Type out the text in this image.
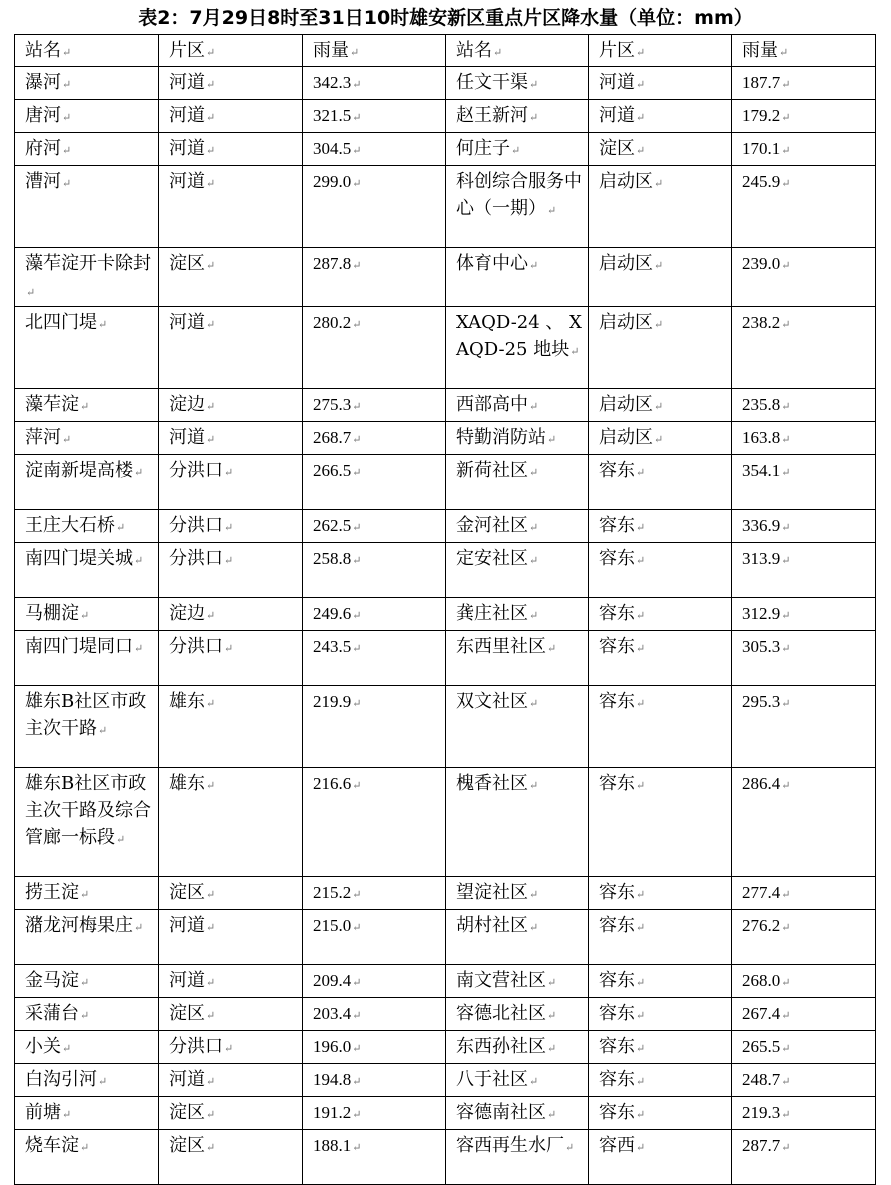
表2：7月29日8时至31日10时雄安新区重点片区降水量（单位：mm）
站名↵	片区↵	雨量↵	站名↵	片区↵	雨量↵
瀑河↵	河道↵	342.3↵	任文干渠↵	河道↵	187.7↵
唐河↵	河道↵	321.5↵	赵王新河↵	河道↵	179.2↵
府河↵	河道↵	304.5↵	何庄子↵	淀区↵	170.1↵
漕河↵	河道↵	299.0↵	科创综合服务中心（一期）↵	启动区↵	245.9↵
藻苲淀开卡除封↵	淀区↵	287.8↵	体育中心↵	启动区↵	239.0↵
北四门堤↵	河道↵	280.2↵	XAQD-24 、 XAQD-25 地块↵	启动区↵	238.2↵
藻苲淀↵	淀边↵	275.3↵	西部高中↵	启动区↵	235.8↵
萍河↵	河道↵	268.7↵	特勤消防站↵	启动区↵	163.8↵
淀南新堤高楼↵	分洪口↵	266.5↵	新荷社区↵	容东↵	354.1↵
王庄大石桥↵	分洪口↵	262.5↵	金河社区↵	容东↵	336.9↵
南四门堤关城↵	分洪口↵	258.8↵	定安社区↵	容东↵	313.9↵
马棚淀↵	淀边↵	249.6↵	龚庄社区↵	容东↵	312.9↵
南四门堤同口↵	分洪口↵	243.5↵	东西里社区↵	容东↵	305.3↵
雄东B社区市政主次干路↵	雄东↵	219.9↵	双文社区↵	容东↵	295.3↵
雄东B社区市政主次干路及综合管廊一标段↵	雄东↵	216.6↵	槐香社区↵	容东↵	286.4↵
捞王淀↵	淀区↵	215.2↵	望淀社区↵	容东↵	277.4↵
潴龙河梅果庄↵	河道↵	215.0↵	胡村社区↵	容东↵	276.2↵
金马淀↵	河道↵	209.4↵	南文营社区↵	容东↵	268.0↵
采蒲台↵	淀区↵	203.4↵	容德北社区↵	容东↵	267.4↵
小关↵	分洪口↵	196.0↵	东西孙社区↵	容东↵	265.5↵
白沟引河↵	河道↵	194.8↵	八于社区↵	容东↵	248.7↵
前塘↵	淀区↵	191.2↵	容德南社区↵	容东↵	219.3↵
烧车淀↵	淀区↵	188.1↵	容西再生水厂↵	容西↵	287.7↵
